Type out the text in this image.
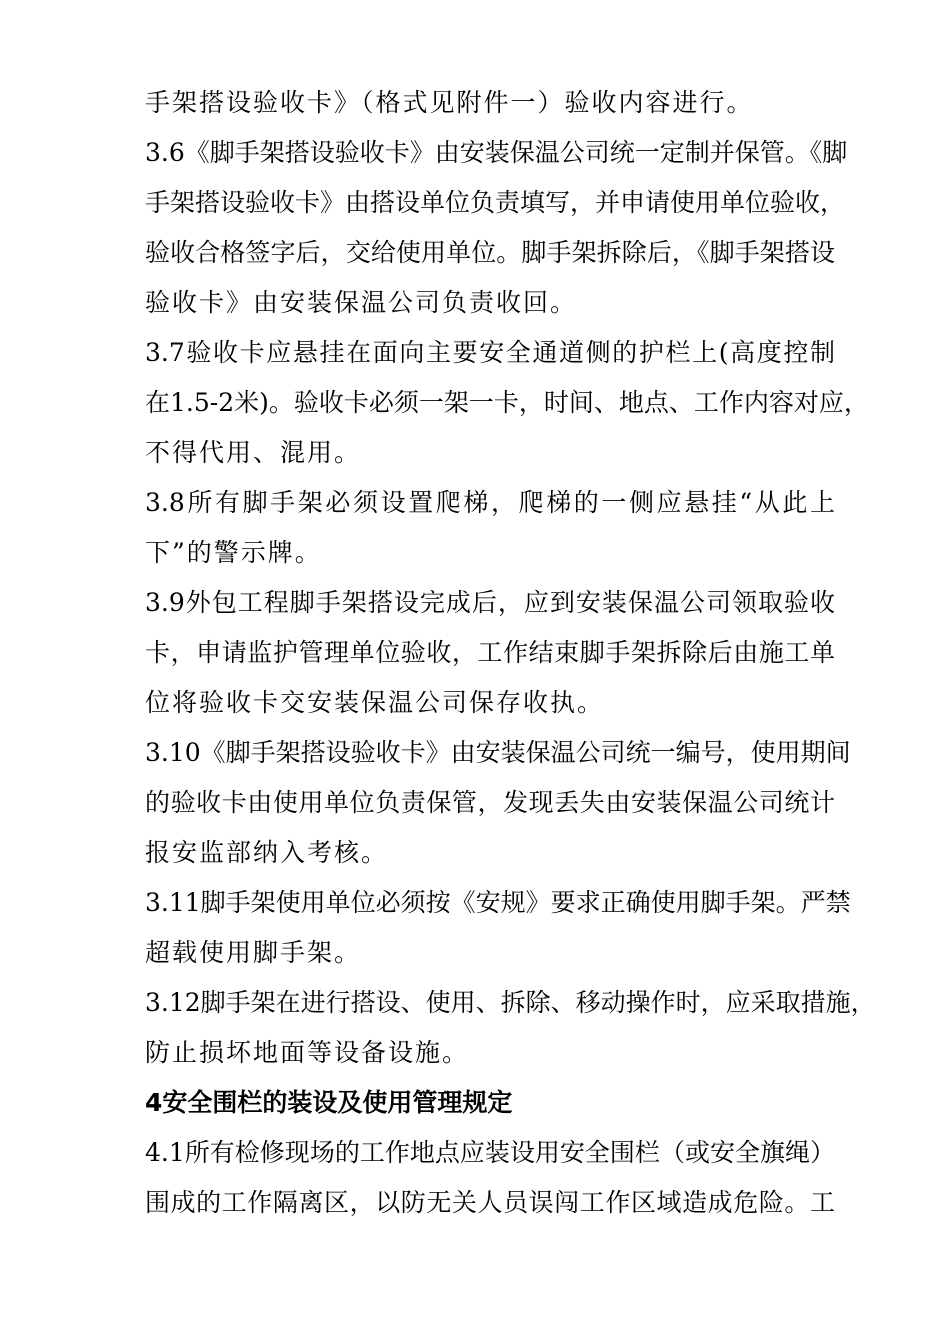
手架搭设验收卡》（格式见附件一）验收内容进行。
3.6《脚手架搭设验收卡》由安装保温公司统一定制并保管。《脚
手架搭设验收卡》由搭设单位负责填写，并申请使用单位验收，
验收合格签字后，交给使用单位。脚手架拆除后，《脚手架搭设
验收卡》由安装保温公司负责收回。
3.7验收卡应悬挂在面向主要安全通道侧的护栏上(高度控制
在1.5-2米)。验收卡必须一架一卡，时间、地点、工作内容对应，
不得代用、混用。
3.8所有脚手架必须设置爬梯，爬梯的一侧应悬挂“从此上
下”的警示牌。
3.9外包工程脚手架搭设完成后，应到安装保温公司领取验收
卡，申请监护管理单位验收，工作结束脚手架拆除后由施工单
位将验收卡交安装保温公司保存收执。
3.10《脚手架搭设验收卡》由安装保温公司统一编号，使用期间
的验收卡由使用单位负责保管，发现丢失由安装保温公司统计
报安监部纳入考核。
3.11脚手架使用单位必须按《安规》要求正确使用脚手架。严禁
超载使用脚手架。
3.12脚手架在进行搭设、使用、拆除、移动操作时，应采取措施，
防止损坏地面等设备设施。
4安全围栏的装设及使用管理规定
4.1所有检修现场的工作地点应装设用安全围栏（或安全旗绳）
围成的工作隔离区，以防无关人员误闯工作区域造成危险。工
